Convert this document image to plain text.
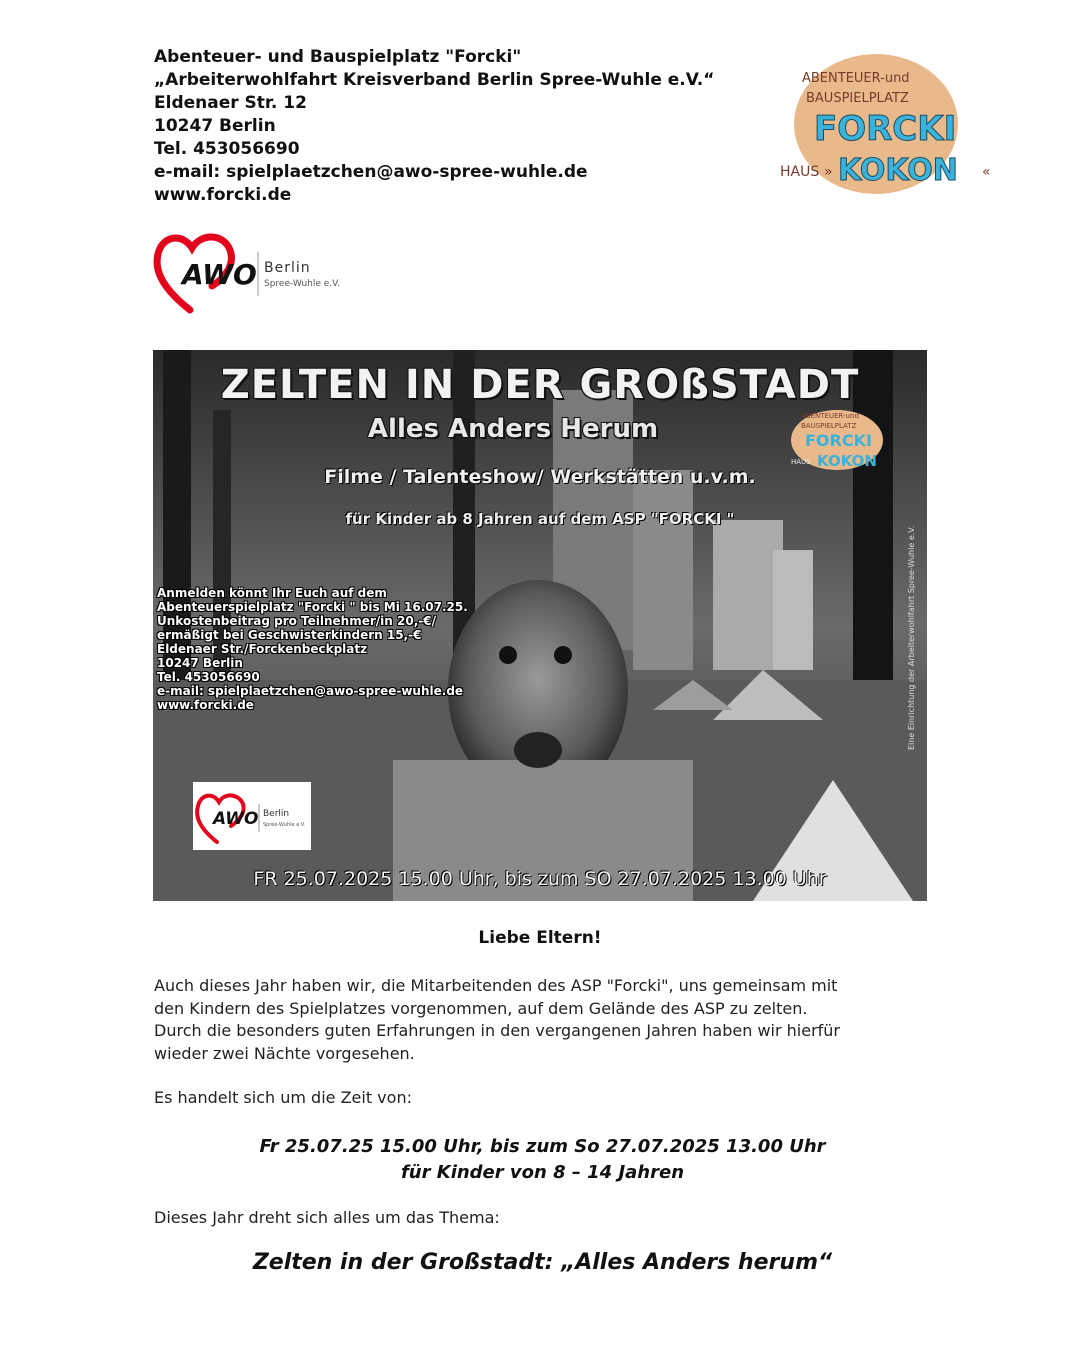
Abenteuer- und Bauspielplatz "Forcki"
„Arbeiterwohlfahrt Kreisverband Berlin Spree-Wuhle e.V.“
Eldenaer Str. 12
10247 Berlin
Tel. 453056690
e-mail: spielplaetzchen@awo-spree-wuhle.de
www.forcki.de
ABENTEUER-und
BAUSPIELPLATZ
FORCKI
HAUS » KOKON «
AWO Berlin
Spree-Wuhle e.V.
ZELTEN IN DER GROßSTADT
Alles Anders Herum
Filme / Talenteshow/ Werkstätten u.v.m.
für Kinder ab 8 Jahren auf dem ASP "FORCKI "
ABENTEUER-und
BAUSPIELPLATZ
FORCKI
HAUS KOKON
Anmelden könnt Ihr Euch auf dem
Abenteuerspielplatz "Forcki " bis Mi 16.07.25.
Unkostenbeitrag pro Teilnehmer/in 20,-€/
ermäßigt bei Geschwisterkindern 15,-€
Eldenaer Str./Forckenbeckplatz
10247 Berlin
Tel. 453056690
e-mail: spielplaetzchen@awo-spree-wuhle.de
www.forcki.de	Eine Einrichtung der Arbeiterwohlfahrt Spree-Wuhle e.V.
AWO Berlin
Spree-Wuhle e.V.
FR 25.07.2025 15.00 Uhr, bis zum SO 27.07.2025 13.00 Uhr
Liebe Eltern!
Auch dieses Jahr haben wir, die Mitarbeitenden des ASP "Forcki", uns gemeinsam mit
den Kindern des Spielplatzes vorgenommen, auf dem Gelände des ASP zu zelten.
Durch die besonders guten Erfahrungen in den vergangenen Jahren haben wir hierfür
wieder zwei Nächte vorgesehen.
Es handelt sich um die Zeit von:
Fr 25.07.25 15.00 Uhr, bis zum So 27.07.2025 13.00 Uhr
für Kinder von 8 – 14 Jahren
Dieses Jahr dreht sich alles um das Thema:
Zelten in der Großstadt: „Alles Anders herum“
